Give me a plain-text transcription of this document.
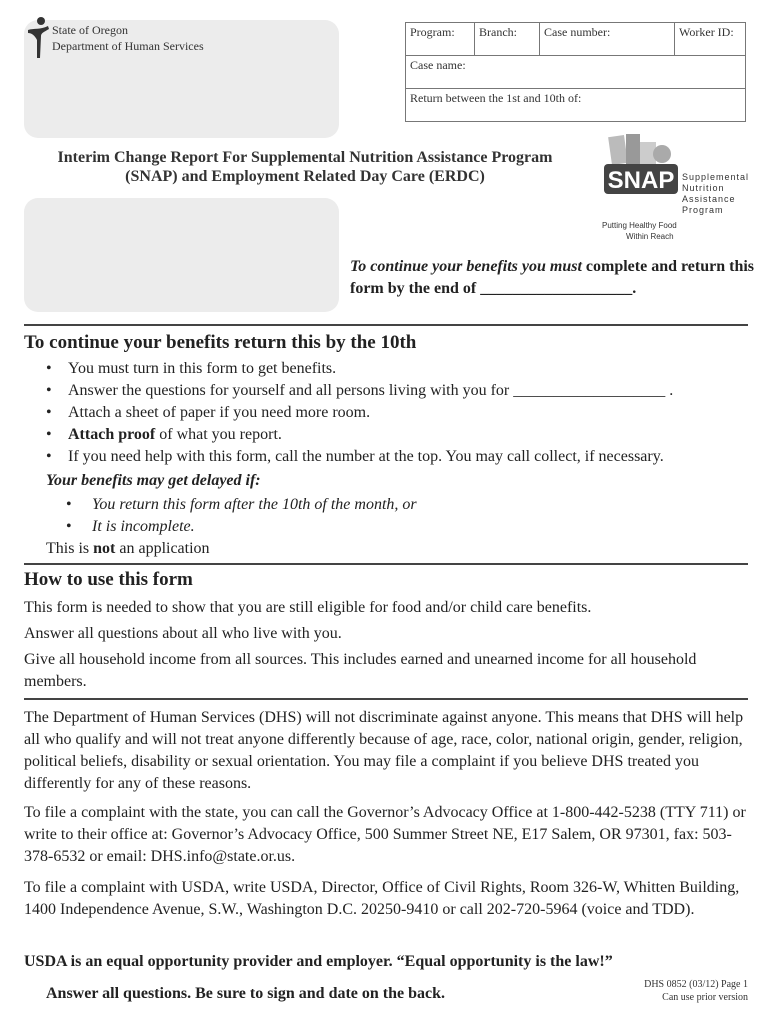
State of Oregon
Department of Human Services
Program:	Branch:	Case number:	Worker ID:
Case name:
Return between the 1st and 10th of:
Interim Change Report For Supplemental Nutrition Assistance Program (SNAP) and Employment Related Day Care (ERDC)	SNAP
Putting Healthy Food
Within Reach
Supplemental
Nutrition
Assistance
Program
To continue your benefits you must complete and return this form by the end of ___________________.
To continue your benefits return this by the 10th
• You must turn in this form to get benefits.
• Answer the questions for yourself and all persons living with you for ___________________ .
• Attach a sheet of paper if you need more room.
• Attach proof of what you report.
• If you need help with this form, call the number at the top. You may call collect, if necessary.
Your benefits may get delayed if:
• You return this form after the 10th of the month, or
• It is incomplete.
This is not an application
How to use this form
This form is needed to show that you are still eligible for food and/or child care benefits.
Answer all questions about all who live with you.
Give all household income from all sources. This includes earned and unearned income for all household members.
The Department of Human Services (DHS) will not discriminate against anyone. This means that DHS will help all who qualify and will not treat anyone differently because of age, race, color, national origin, gender, religion, political beliefs, disability or sexual orientation. You may file a complaint if you believe DHS treated you differently for any of these reasons.
To file a complaint with the state, you can call the Governor’s Advocacy Office at 1-800-442-5238 (TTY 711) or write to their office at: Governor’s Advocacy Office, 500 Summer Street NE, E17 Salem, OR 97301, fax: 503-378-6532 or email: DHS.info@state.or.us.
To file a complaint with USDA, write USDA, Director, Office of Civil Rights, Room 326-W, Whitten Building, 1400 Independence Avenue, S.W., Washington D.C. 20250-9410 or call 202-720-5964 (voice and TDD).
USDA is an equal opportunity provider and employer. “Equal opportunity is the law!”
Answer all questions. Be sure to sign and date on the back.
DHS 0852 (03/12) Page 1
Can use prior version
